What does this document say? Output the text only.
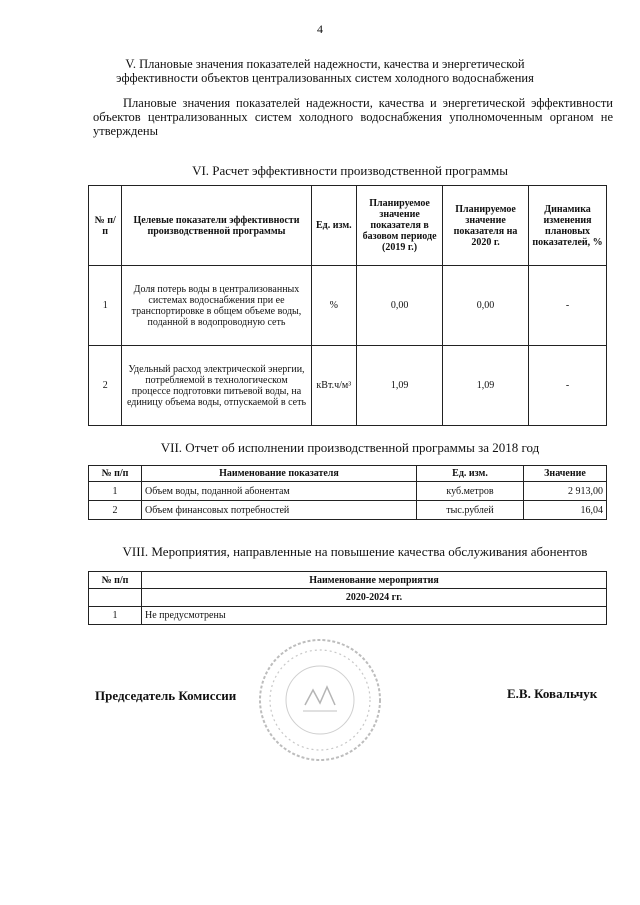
4
V. Плановые значения показателей надежности, качества и энергетической
эффективности объектов централизованных систем холодного водоснабжения
Плановые значения показателей надежности, качества и энергетической эффективности объектов централизованных систем холодного водоснабжения уполномоченным органом не утверждены
VI. Расчет эффективности производственной программы
№ п/п	Целевые показатели эффективности производственной программы	Ед. изм.	Планируемое значение показателя в базовом периоде (2019 г.)	Планируемое значение показателя на 2020 г.	Динамика изменения плановых показателей, %
1	Доля потерь воды в централизованных системах водоснабжения при ее транспортировке в общем объеме воды, поданной в водопроводную сеть	%	0,00	0,00	-
2	Удельный расход электрической энергии, потребляемой в технологическом процессе подготовки питьевой воды, на единицу объема воды, отпускаемой в сеть	кВт.ч/м³	1,09	1,09	-
VII. Отчет об исполнении производственной программы за 2018 год
№ п/п	Наименование показателя	Ед. изм.	Значение
1	Объем воды, поданной абонентам	куб.метров	2 913,00
2	Объем финансовых потребностей	тыс.рублей	16,04
VIII. Мероприятия, направленные на повышение качества обслуживания абонентов
№ п/п	Наименование мероприятия
	2020-2024 гг.
1	Не предусмотрены
Председатель Комиссии	Е.В. Ковальчук
